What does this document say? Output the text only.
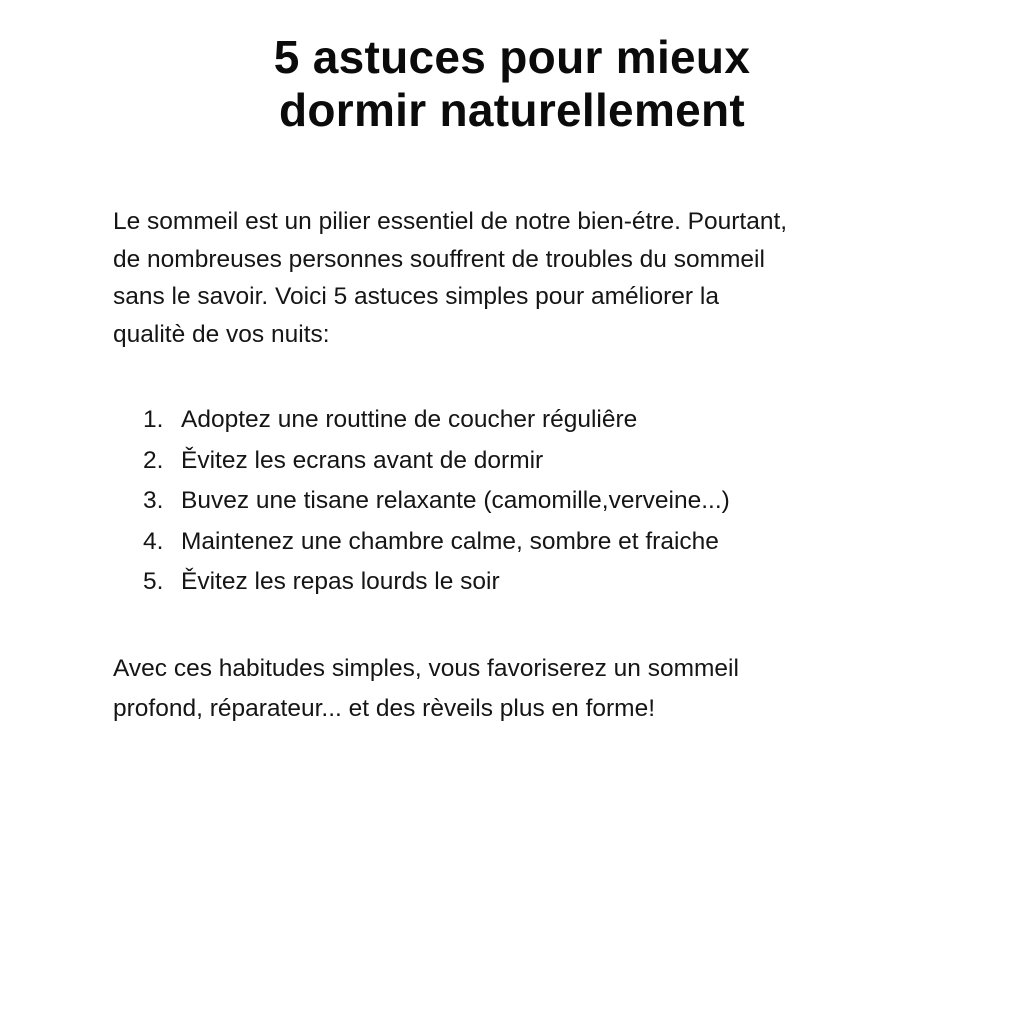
5 astuces pour mieux
dormir naturellement
Le sommeil est un pilier essentiel de notre bien-étre. Pourtant,
de nombreuses personnes souffrent de troubles du sommeil
sans le savoir. Voici 5 astuces simples pour améliorer la
qualitè de vos nuits:
1. Adoptez une routtine de coucher réguliêre
2. Ěvitez les ecrans avant de dormir
3. Buvez une tisane relaxante (camomille,verveine...)
4. Maintenez une chambre calme, sombre et fraiche
5. Ěvitez les repas lourds le soir
Avec ces habitudes simples, vous favoriserez un sommeil
profond, réparateur... et des rèveils plus en forme!
